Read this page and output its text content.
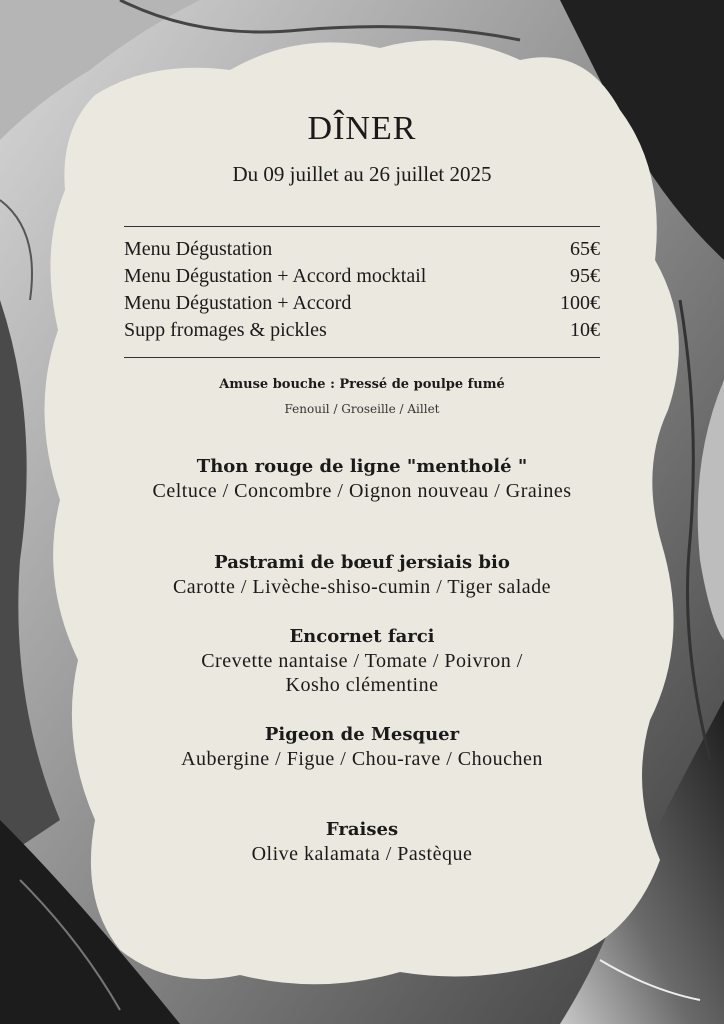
DÎNER
Du 09 juillet au 26 juillet 2025
Menu Dégustation	65€
Menu Dégustation + Accord mocktail	95€
Menu Dégustation + Accord	100€
Supp fromages & pickles	10€
Amuse bouche : Pressé de poulpe fumé
Fenouil / Groseille / Aillet
Thon rouge de ligne "mentholé "
Celtuce / Concombre / Oignon nouveau / Graines
Pastrami de bœuf jersiais bio
Carotte / Livèche-shiso-cumin / Tiger salade
Encornet farci
Crevette nantaise / Tomate / Poivron /
Kosho clémentine
Pigeon de Mesquer
Aubergine / Figue / Chou-rave / Chouchen
Fraises
Olive kalamata / Pastèque
